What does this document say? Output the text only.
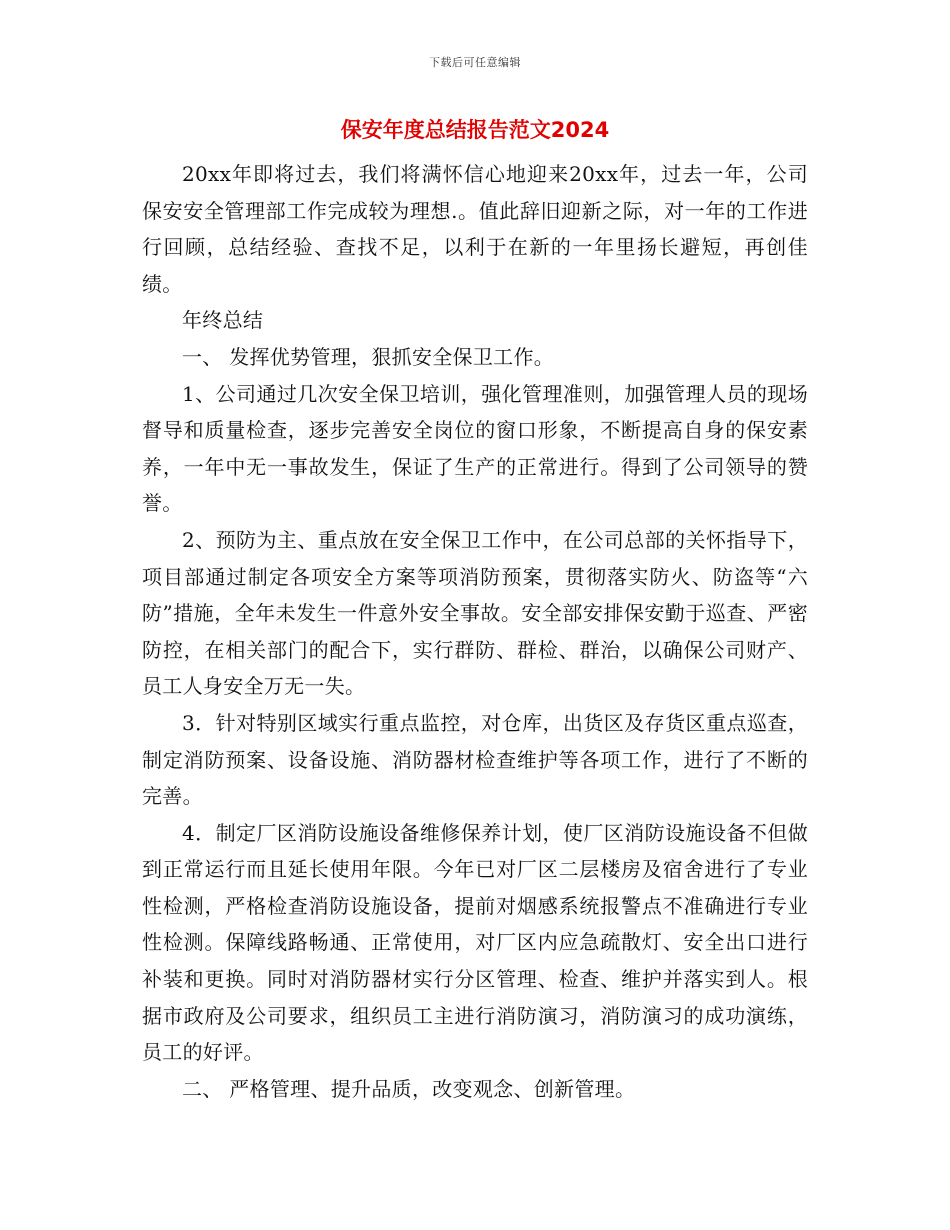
下载后可任意编辑
保安年度总结报告范文2024

20xx年即将过去，我们将满怀信心地迎来20xx年，过去一年，公司保安安全管理部工作完成较为理想.。值此辞旧迎新之际，对一年的工作进行回顾，总结经验、查找不足，以利于在新的一年里扬长避短，再创佳绩。

年终总结

一、 发挥优势管理，狠抓安全保卫工作。

1、公司通过几次安全保卫培训，强化管理准则，加强管理人员的现场督导和质量检查，逐步完善安全岗位的窗口形象，不断提高自身的保安素养，一年中无一事故发生，保证了生产的正常进行。得到了公司领导的赞誉。

2、预防为主、重点放在安全保卫工作中，在公司总部的关怀指导下，项目部通过制定各项安全方案等项消防预案，贯彻落实防火、防盗等“六防”措施，全年未发生一件意外安全事故。安全部安排保安勤于巡查、严密防控，在相关部门的配合下，实行群防、群检、群治，以确保公司财产、员工人身安全万无一失。

3．针对特别区域实行重点监控，对仓库，出货区及存货区重点巡查，制定消防预案、设备设施、消防器材检查维护等各项工作，进行了不断的完善。

4．制定厂区消防设施设备维修保养计划，使厂区消防设施设备不但做到正常运行而且延长使用年限。今年已对厂区二层楼房及宿舍进行了专业性检测，严格检查消防设施设备，提前对烟感系统报警点不准确进行专业性检测。保障线路畅通、正常使用，对厂区内应急疏散灯、安全出口进行补装和更换。同时对消防器材实行分区管理、检查、维护并落实到人。根据市政府及公司要求，组织员工主进行消防演习，消防演习的成功演练，员工的好评。

二、 严格管理、提升品质，改变观念、创新管理。
